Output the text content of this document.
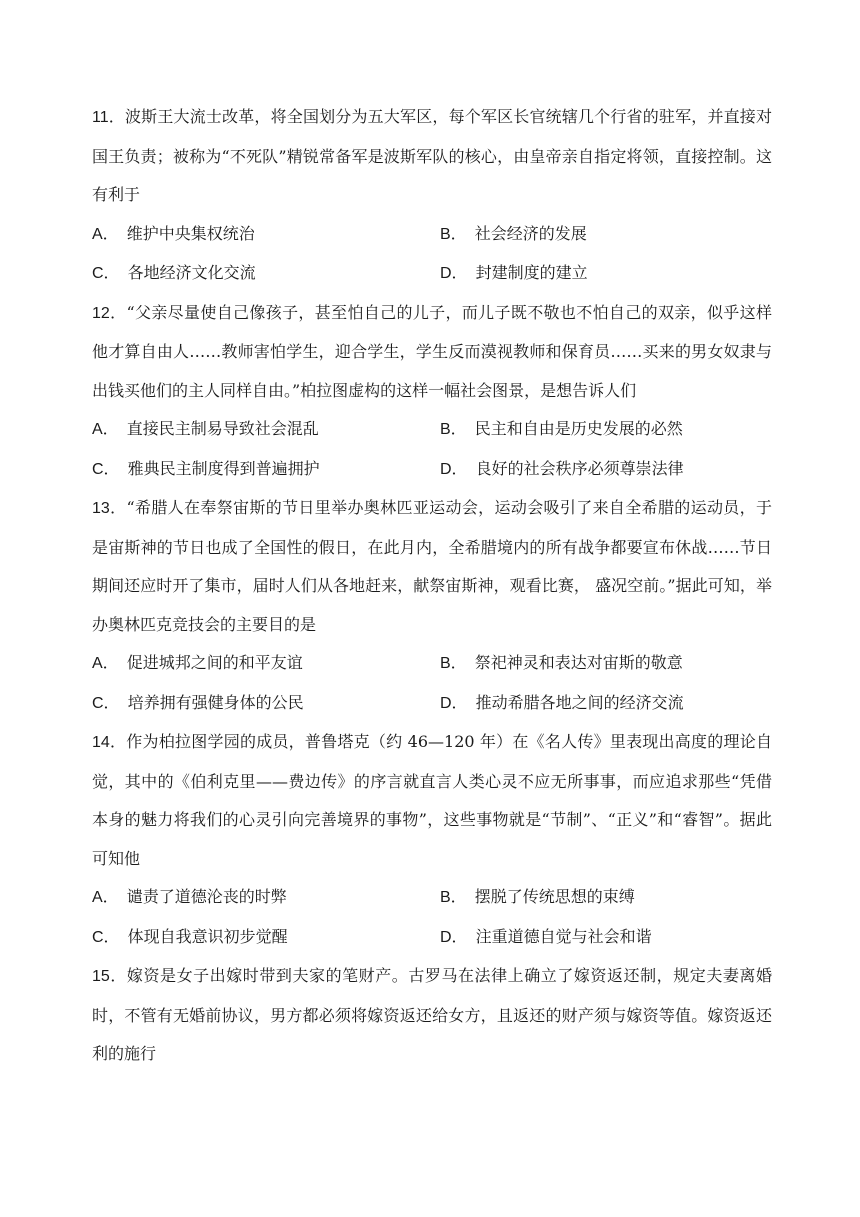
11．波斯王大流士改革，将全国划分为五大军区，每个军区长官统辖几个行省的驻军，并直接对国王负责；被称为“不死队”精锐常备军是波斯军队的核心，由皇帝亲自指定将领，直接控制。这有利于

A． 维护中央集权统治	B． 社会经济的发展
C． 各地经济文化交流	D． 封建制度的建立

12．“父亲尽量使自己像孩子，甚至怕自己的儿子，而儿子既不敬也不怕自己的双亲，似乎这样他才算自由人……教师害怕学生，迎合学生，学生反而漠视教师和保育员……买来的男女奴隶与出钱买他们的主人同样自由。”柏拉图虚构的这样一幅社会图景，是想告诉人们

A． 直接民主制易导致社会混乱	B． 民主和自由是历史发展的必然
C． 雅典民主制度得到普遍拥护	D． 良好的社会秩序必须尊崇法律

13．“希腊人在奉祭宙斯的节日里举办奥林匹亚运动会，运动会吸引了来自全希腊的运动员，于是宙斯神的节日也成了全国性的假日，在此月内，全希腊境内的所有战争都要宣布休战……节日期间还应时开了集市，届时人们从各地赶来，献祭宙斯神，观看比赛， 盛况空前。”据此可知，举办奥林匹克竞技会的主要目的是

A． 促进城邦之间的和平友谊	B． 祭祀神灵和表达对宙斯的敬意
C． 培养拥有强健身体的公民	D． 推动希腊各地之间的经济交流

14．作为柏拉图学园的成员，普鲁塔克（约 46—120 年）在《名人传》里表现出高度的理论自觉，其中的《伯利克里——费边传》的序言就直言人类心灵不应无所事事，而应追求那些“凭借本身的魅力将我们的心灵引向完善境界的事物”，这些事物就是“节制”、“正义”和“睿智”。据此可知他

A． 谴责了道德沦丧的时弊	B． 摆脱了传统思想的束缚
C． 体现自我意识初步觉醒	D． 注重道德自觉与社会和谐

15．嫁资是女子出嫁时带到夫家的笔财产。古罗马在法律上确立了嫁资返还制，规定夫妻离婚时，不管有无婚前协议，男方都必须将嫁资返还给女方，且返还的财产须与嫁资等值。嫁资返还利的施行
